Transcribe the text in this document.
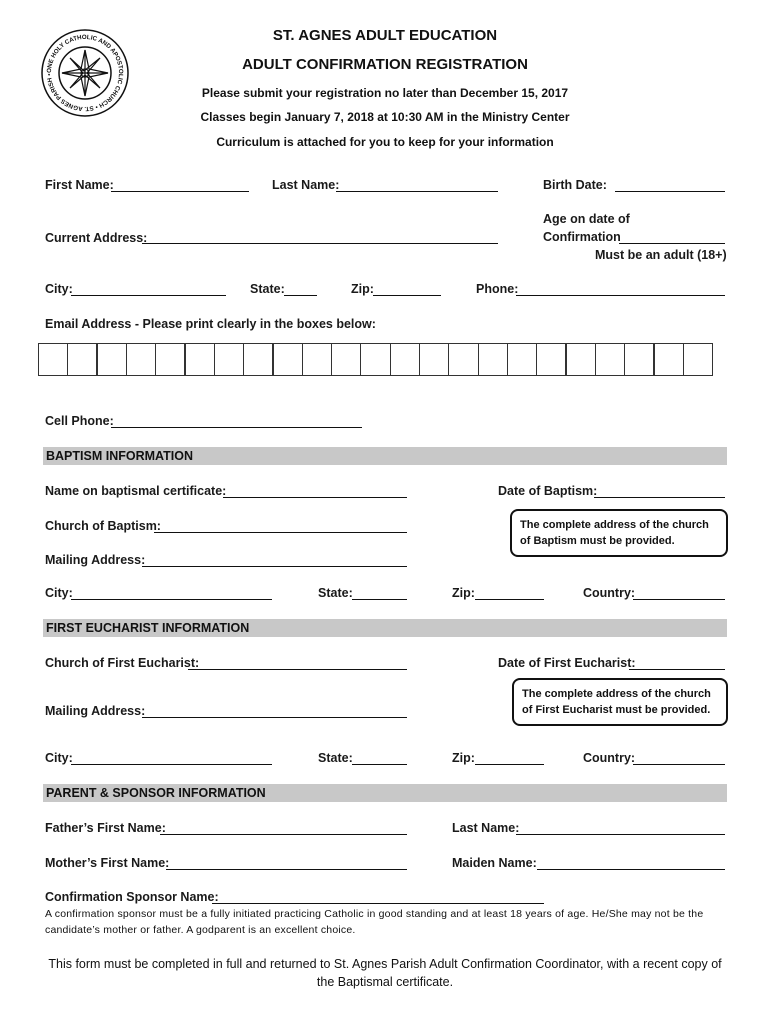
ONE HOLY CATHOLIC AND APOSTOLIC CHURCH • ST. AGNES PARISH •
ST. AGNES ADULT EDUCATION
ADULT CONFIRMATION REGISTRATION
Please submit your registration no later than December 15, 2017
Classes begin January 7, 2018 at 10:30 AM in the Ministry Center
Curriculum is attached for you to keep for your information
First Name:	Last Name:	Birth Date:
Current Address:
Age on date of
Confirmation
Must be an adult (18+)
City:	State:	Zip:	Phone:
Email Address - Please print clearly in the boxes below:
Cell Phone:
BAPTISM INFORMATION
Name on baptismal certificate:	Date of Baptism:
Church of Baptism:	The complete address of the church of Baptism must be provided.
Mailing Address:
City:	State:	Zip:	Country:
FIRST EUCHARIST INFORMATION
Church of First Eucharist:	Date of First Eucharist:
The complete address of the church of First Eucharist must be provided.
Mailing Address:
City:	State:	Zip:	Country:
PARENT & SPONSOR INFORMATION
Father’s First Name:	Last Name:
Mother’s First Name:	Maiden Name:
Confirmation Sponsor Name:
A confirmation sponsor must be a fully initiated practicing Catholic in good standing and at least 18 years of age. He/She may not be the candidate’s mother or father. A godparent is an excellent choice.
This form must be completed in full and returned to St. Agnes Parish Adult Confirmation Coordinator, with a recent copy of the Baptismal certificate.
